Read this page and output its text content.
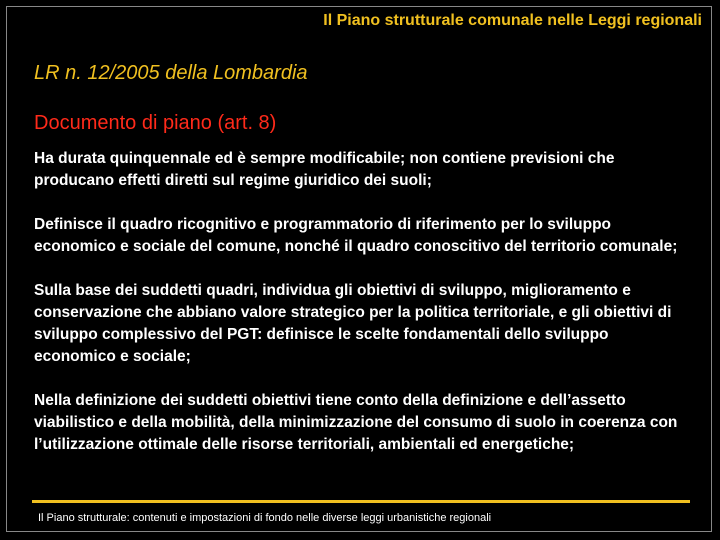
Il Piano strutturale comunale nelle Leggi regionali
LR n. 12/2005 della Lombardia
Documento di piano (art. 8)

Ha durata quinquennale ed è sempre modificabile; non contiene previsioni che producano effetti diretti sul regime giuridico dei suoli;

Definisce il quadro ricognitivo e programmatorio di riferimento per lo sviluppo economico e sociale del comune, nonché il quadro conoscitivo del territorio comunale;

Sulla base dei suddetti quadri, individua gli obiettivi di sviluppo, miglioramento e conservazione che abbiano valore strategico per la politica territoriale, e gli obiettivi di sviluppo complessivo del PGT: definisce le scelte fondamentali dello sviluppo economico e sociale;

Nella definizione dei suddetti obiettivi tiene conto della definizione e dell’assetto viabilistico e della mobilità, della minimizzazione del consumo di suolo in coerenza con l’utilizzazione ottimale delle risorse territoriali, ambientali ed energetiche;

Il Piano strutturale: contenuti e impostazioni di fondo nelle diverse leggi urbanistiche regionali
